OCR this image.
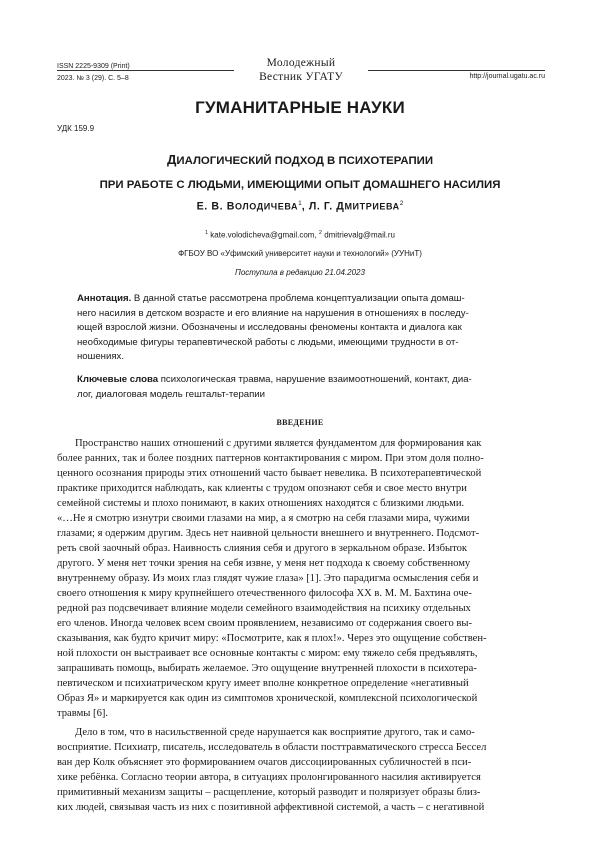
ISSN 2225-9309 (Print)
2023. № 3 (29). С. 5–8
Молодежный
Вестник УГАТУ	http://journal.ugatu.ac.ru
ГУМАНИТАРНЫЕ НАУКИ
УДК 159.9
ДИАЛОГИЧЕСКИЙ ПОДХОД В ПСИХОТЕРАПИИ
ПРИ РАБОТЕ С ЛЮДЬМИ, ИМЕЮЩИМИ ОПЫТ ДОМАШНЕГО НАСИЛИЯ
Е. В. ВОЛОДИЧЕВА$^1$, Л. Г. ДМИТРИЕВА$^2$
$^1$ kate.volodicheva@gmail.com, $^2$ dmitrievalg@mail.ru
ФГБОУ ВО «Уфимский университет науки и технологий» (УУНиТ)
Поступила в редакцию 21.04.2023
Аннотация. В данной статье рассмотрена проблема концептуализации опыта домаш-
него насилия в детском возрасте и его влияние на нарушения в отношениях в последу-
ющей взрослой жизни. Обозначены и исследованы феномены контакта и диалога как
необходимые фигуры терапевтической работы с людьми, имеющими трудности в от-
ношениях.
Ключевые слова психологическая травма, нарушение взаимоотношений, контакт, диа-
лог, диалоговая модель гештальт-терапии
ВВЕДЕНИЕ
Пространство наших отношений с другими является фундаментом для формирования как
более ранних, так и более поздних паттернов контактирования с миром. При этом доля полно-
ценного осознания природы этих отношений часто бывает невелика. В психотерапевтической
практике приходится наблюдать, как клиенты с трудом опознают себя и свое место внутри
семейной системы и плохо понимают, в каких отношениях находятся с близкими людьми.
«…Не я смотрю изнутри своими глазами на мир, а я смотрю на себя глазами мира, чужими
глазами; я одержим другим. Здесь нет наивной цельности внешнего и внутреннего. Подсмот-
реть свой заочный образ. Наивность слияния себя и другого в зеркальном образе. Избыток
другого. У меня нет точки зрения на себя извне, у меня нет подхода к своему собственному
внутреннему образу. Из моих глаз глядят чужие глаза» [1]. Это парадигма осмысления себя и
своего отношения к миру крупнейшего отечественного философа XX в. М. М. Бахтина оче-
редной раз подсвечивает влияние модели семейного взаимодействия на психику отдельных
его членов. Иногда человек всем своим проявлением, независимо от содержания своего вы-
сказывания, как будто кричит миру: «Посмотрите, как я плох!». Через это ощущение собствен-
ной плохости он выстраивает все основные контакты с миром: ему тяжело себя предъявлять,
запрашивать помощь, выбирать желаемое. Это ощущение внутренней плохости в психотера-
певтическом и психиатрическом кругу имеет вполне конкретное определение «негативный
Образ Я» и маркируется как один из симптомов хронической, комплексной психологической
травмы [6].
Дело в том, что в насильственной среде нарушается как восприятие другого, так и само-
восприятие. Психиатр, писатель, исследователь в области посттравматического стресса Бессел
ван дер Колк объясняет это формированием очагов диссоциированных субличностей в пси-
хике ребёнка. Согласно теории автора, в ситуациях пролонгированного насилия активируется
примитивный механизм защиты – расщепление, который разводит и поляризует образы близ-
ких людей, связывая часть из них с позитивной аффективной системой, а часть – с негативной
